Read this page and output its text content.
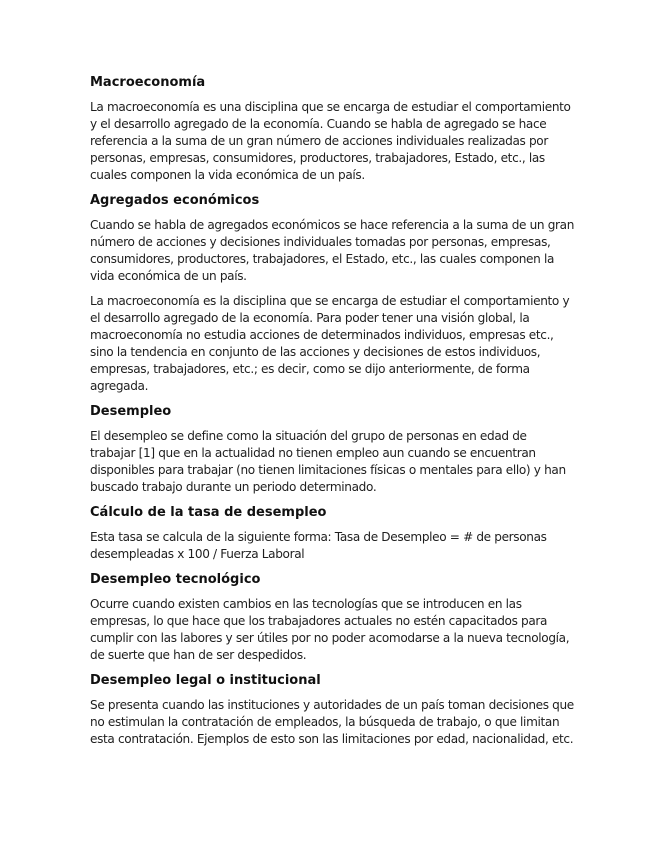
Macroeconomía

La macroeconomía es una disciplina que se encarga de estudiar el comportamiento y el desarrollo agregado de la economía. Cuando se habla de agregado se hace referencia a la suma de un gran número de acciones individuales realizadas por personas, empresas, consumidores, productores, trabajadores, Estado, etc., las cuales componen la vida económica de un país.

Agregados económicos

Cuando se habla de agregados económicos se hace referencia a la suma de un gran número de acciones y decisiones individuales tomadas por personas, empresas, consumidores, productores, trabajadores, el Estado, etc., las cuales componen la vida económica de un país.

La macroeconomía es la disciplina que se encarga de estudiar el comportamiento y el desarrollo agregado de la economía. Para poder tener una visión global, la macroeconomía no estudia acciones de determinados individuos, empresas etc., sino la tendencia en conjunto de las acciones y decisiones de estos individuos, empresas, trabajadores, etc.; es decir, como se dijo anteriormente, de forma agregada.

Desempleo

El desempleo se define como la situación del grupo de personas en edad de trabajar [1] que en la actualidad no tienen empleo aun cuando se encuentran disponibles para trabajar (no tienen limitaciones físicas o mentales para ello) y han buscado trabajo durante un periodo determinado.

Cálculo de la tasa de desempleo

Esta tasa se calcula de la siguiente forma: Tasa de Desempleo = # de personas desempleadas x 100 / Fuerza Laboral

Desempleo tecnológico

Ocurre cuando existen cambios en las tecnologías que se introducen en las empresas, lo que hace que los trabajadores actuales no estén capacitados para cumplir con las labores y ser útiles por no poder acomodarse a la nueva tecnología, de suerte que han de ser despedidos.

Desempleo legal o institucional

Se presenta cuando las instituciones y autoridades de un país toman decisiones que no estimulan la contratación de empleados, la búsqueda de trabajo, o que limitan esta contratación. Ejemplos de esto son las limitaciones por edad, nacionalidad, etc.
